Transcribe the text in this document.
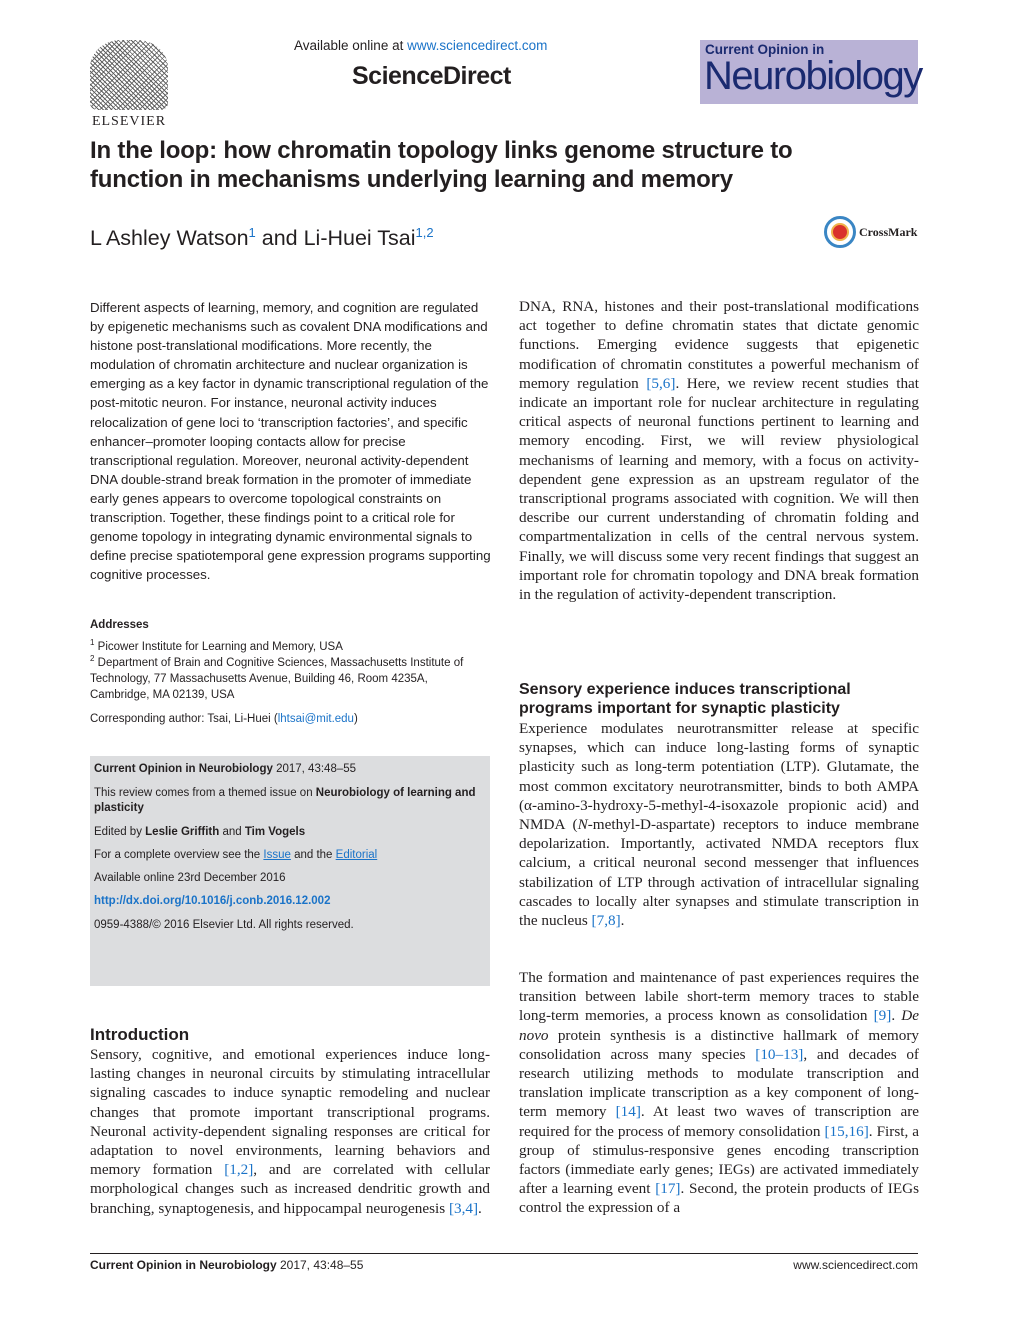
ELSEVIER
Available online at www.sciencedirect.com
ScienceDirect
Current Opinion in
Neurobiology
In the loop: how chromatin topology links genome structure to function in mechanisms underlying learning and memory
L Ashley Watson$^1$ and Li-Huei Tsai$^{1,2}$	CrossMark
Different aspects of learning, memory, and cognition are regulated by epigenetic mechanisms such as covalent DNA modifications and histone post-translational modifications. More recently, the modulation of chromatin architecture and nuclear organization is emerging as a key factor in dynamic transcriptional regulation of the post-mitotic neuron. For instance, neuronal activity induces relocalization of gene loci to ‘transcription factories’, and specific enhancer–promoter looping contacts allow for precise transcriptional regulation. Moreover, neuronal activity-dependent DNA double-strand break formation in the promoter of immediate early genes appears to overcome topological constraints on transcription. Together, these findings point to a critical role for genome topology in integrating dynamic environmental signals to define precise spatiotemporal gene expression programs supporting cognitive processes.
Addresses
$^1$ Picower Institute for Learning and Memory, USA
$^2$ Department of Brain and Cognitive Sciences, Massachusetts Institute of Technology, 77 Massachusetts Avenue, Building 46, Room 4235A, Cambridge, MA 02139, USA
Corresponding author: Tsai, Li-Huei (lhtsai@mit.edu)

Current Opinion in Neurobiology 2017, 43:48–55

This review comes from a themed issue on Neurobiology of learning and plasticity

Edited by Leslie Griffith and Tim Vogels

For a complete overview see the Issue and the Editorial

Available online 23rd December 2016

http://dx.doi.org/10.1016/j.conb.2016.12.002

0959-4388/© 2016 Elsevier Ltd. All rights reserved.

Introduction
Sensory, cognitive, and emotional experiences induce long-lasting changes in neuronal circuits by stimulating intracellular signaling cascades to induce synaptic remodeling and nuclear changes that promote important transcriptional programs. Neuronal activity-dependent signaling responses are critical for adaptation to novel environments, learning behaviors and memory formation [1,2], and are correlated with cellular morphological changes such as increased dendritic growth and branching, synaptogenesis, and hippocampal neurogenesis [3,4].
DNA, RNA, histones and their post-translational modifications act together to define chromatin states that dictate genomic functions. Emerging evidence suggests that epigenetic modification of chromatin constitutes a powerful mechanism of memory regulation [5,6]. Here, we review recent studies that indicate an important role for nuclear architecture in regulating critical aspects of neuronal functions pertinent to learning and memory encoding. First, we will review physiological mechanisms of learning and memory, with a focus on activity-dependent gene expression as an upstream regulator of the transcriptional programs associated with cognition. We will then describe our current understanding of chromatin folding and compartmentalization in cells of the central nervous system. Finally, we will discuss some very recent findings that suggest an important role for chromatin topology and DNA break formation in the regulation of activity-dependent transcription.
Sensory experience induces transcriptional programs important for synaptic plasticity
Experience modulates neurotransmitter release at specific synapses, which can induce long-lasting forms of synaptic plasticity such as long-term potentiation (LTP). Glutamate, the most common excitatory neurotransmitter, binds to both AMPA (α-amino-3-hydroxy-5-methyl-4-isoxazole propionic acid) and NMDA (N-methyl-D-aspartate) receptors to induce membrane depolarization. Importantly, activated NMDA receptors flux calcium, a critical neuronal second messenger that influences stabilization of LTP through activation of intracellular signaling cascades to locally alter synapses and stimulate transcription in the nucleus [7,8].
The formation and maintenance of past experiences requires the transition between labile short-term memory traces to stable long-term memories, a process known as consolidation [9]. De novo protein synthesis is a distinctive hallmark of memory consolidation across many species [10–13], and decades of research utilizing methods to modulate transcription and translation implicate transcription as a key component of long-term memory [14]. At least two waves of transcription are required for the process of memory consolidation [15,16]. First, a group of stimulus-responsive genes encoding transcription factors (immediate early genes; IEGs) are activated immediately after a learning event [17]. Second, the protein products of IEGs control the expression of a
Current Opinion in Neurobiology 2017, 43:48–55	www.sciencedirect.com
